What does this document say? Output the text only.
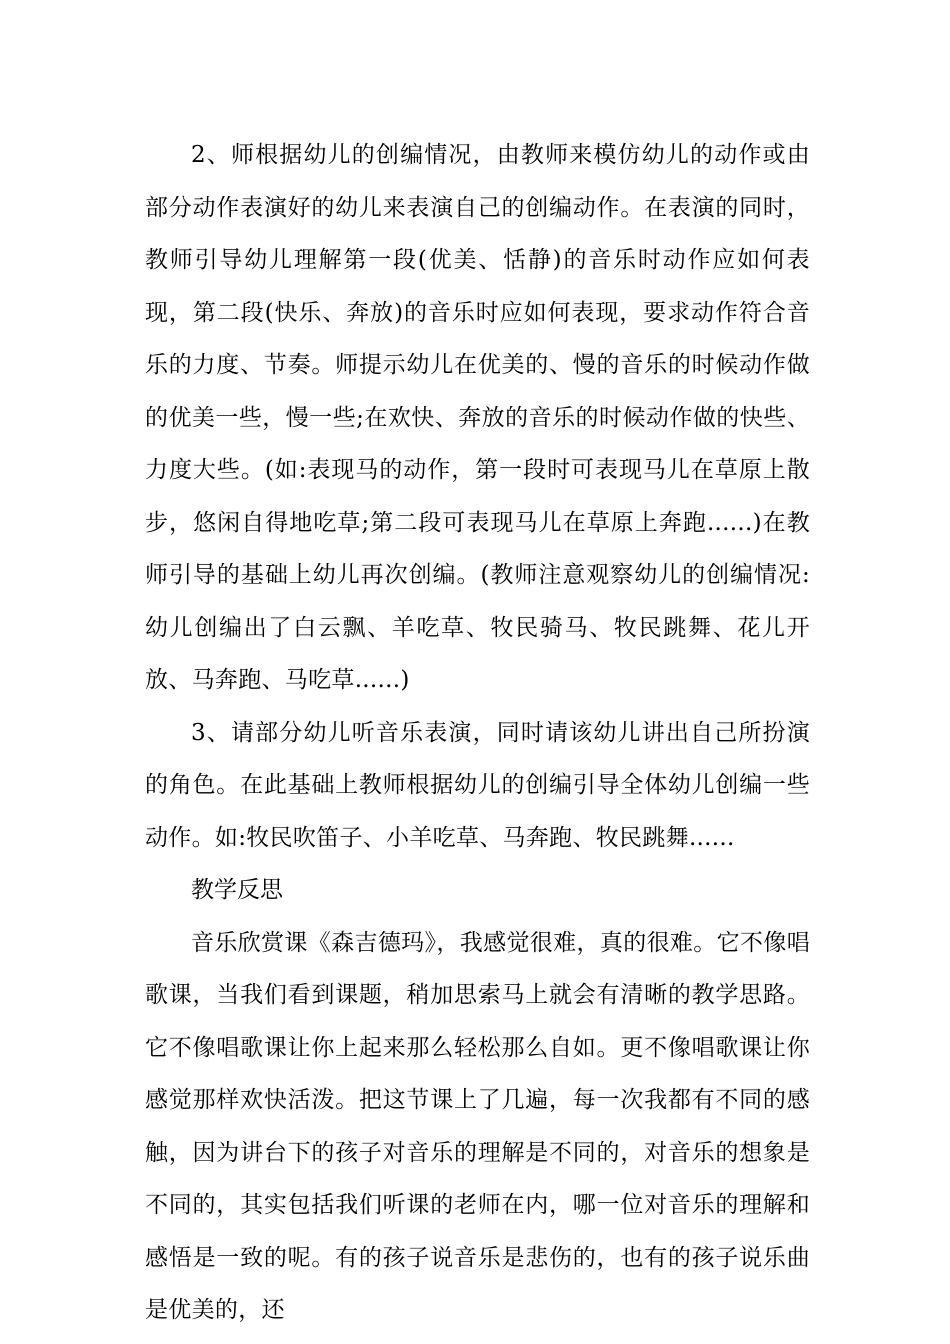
2、师根据幼儿的创编情况，由教师来模仿幼儿的动作或由部分动作表演好的幼儿来表演自己的创编动作。在表演的同时，教师引导幼儿理解第一段(优美、恬静)的音乐时动作应如何表现，第二段(快乐、奔放)的音乐时应如何表现，要求动作符合音乐的力度、节奏。师提示幼儿在优美的、慢的音乐的时候动作做的优美一些，慢一些;在欢快、奔放的音乐的时候动作做的快些、力度大些。(如:表现马的动作，第一段时可表现马儿在草原上散步，悠闲自得地吃草;第二段可表现马儿在草原上奔跑......)在教师引导的基础上幼儿再次创编。(教师注意观察幼儿的创编情况:幼儿创编出了白云飘、羊吃草、牧民骑马、牧民跳舞、花儿开放、马奔跑、马吃草......)

3、请部分幼儿听音乐表演，同时请该幼儿讲出自己所扮演的角色。在此基础上教师根据幼儿的创编引导全体幼儿创编一些动作。如:牧民吹笛子、小羊吃草、马奔跑、牧民跳舞......

教学反思

音乐欣赏课《森吉德玛》，我感觉很难，真的很难。它不像唱歌课，当我们看到课题，稍加思索马上就会有清晰的教学思路。它不像唱歌课让你上起来那么轻松那么自如。更不像唱歌课让你感觉那样欢快活泼。把这节课上了几遍，每一次我都有不同的感触，因为讲台下的孩子对音乐的理解是不同的，对音乐的想象是不同的，其实包括我们听课的老师在内，哪一位对音乐的理解和感悟是一致的呢。有的孩子说音乐是悲伤的，也有的孩子说乐曲是优美的，还
